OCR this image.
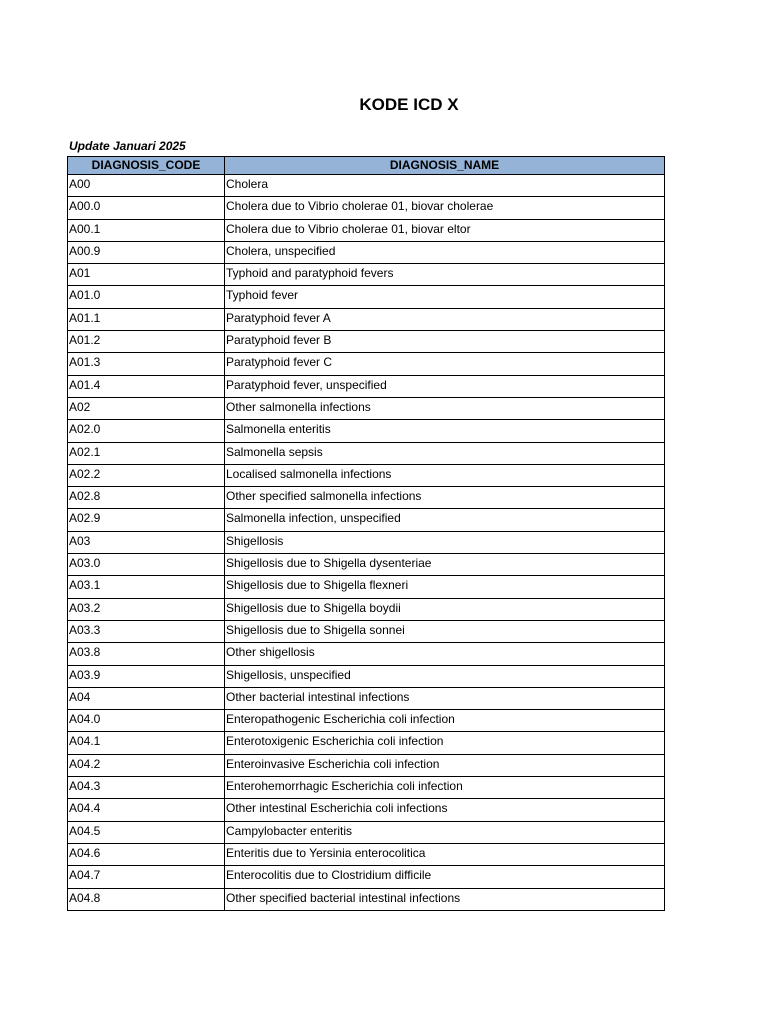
KODE ICD X
Update Januari 2025
DIAGNOSIS_CODE	DIAGNOSIS_NAME
A00	Cholera
A00.0	Cholera due to Vibrio cholerae 01, biovar cholerae
A00.1	Cholera due to Vibrio cholerae 01, biovar eltor
A00.9	Cholera, unspecified
A01	Typhoid and paratyphoid fevers
A01.0	Typhoid fever
A01.1	Paratyphoid fever A
A01.2	Paratyphoid fever B
A01.3	Paratyphoid fever C
A01.4	Paratyphoid fever, unspecified
A02	Other salmonella infections
A02.0	Salmonella enteritis
A02.1	Salmonella sepsis
A02.2	Localised salmonella infections
A02.8	Other specified salmonella infections
A02.9	Salmonella infection, unspecified
A03	Shigellosis
A03.0	Shigellosis due to Shigella dysenteriae
A03.1	Shigellosis due to Shigella flexneri
A03.2	Shigellosis due to Shigella boydii
A03.3	Shigellosis due to Shigella sonnei
A03.8	Other shigellosis
A03.9	Shigellosis, unspecified
A04	Other bacterial intestinal infections
A04.0	Enteropathogenic Escherichia coli infection
A04.1	Enterotoxigenic Escherichia coli infection
A04.2	Enteroinvasive Escherichia coli infection
A04.3	Enterohemorrhagic Escherichia coli infection
A04.4	Other intestinal Escherichia coli infections
A04.5	Campylobacter enteritis
A04.6	Enteritis due to Yersinia enterocolitica
A04.7	Enterocolitis due to Clostridium difficile
A04.8	Other specified bacterial intestinal infections
